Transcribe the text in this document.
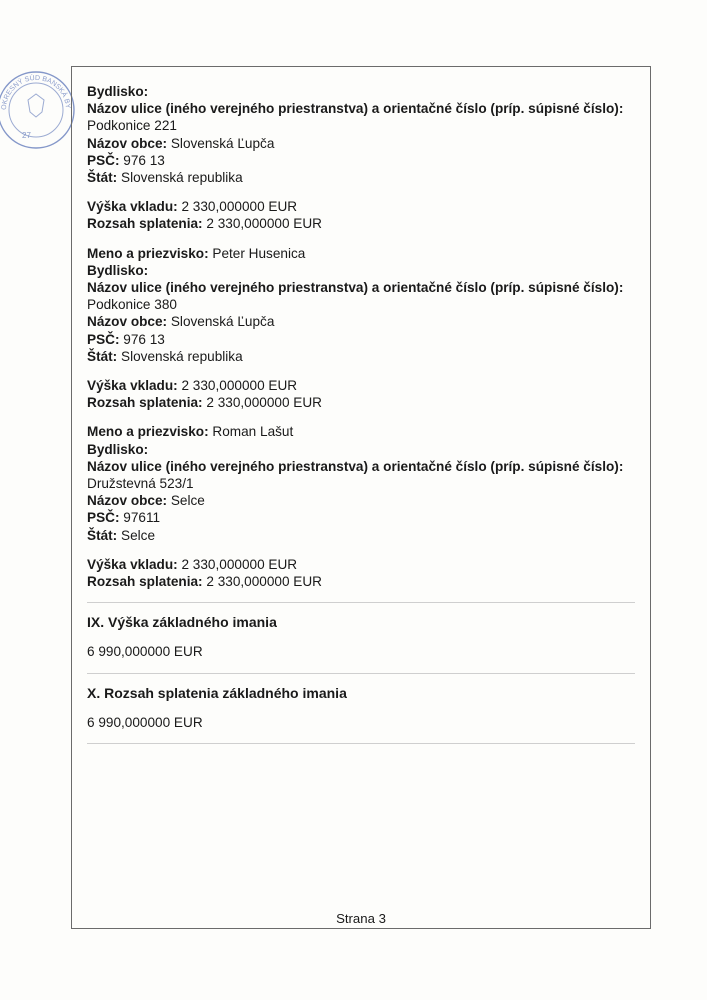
OKRESNÝ SÚD BANSKÁ BY
27
Bydlisko:
Názov ulice (iného verejného priestranstva) a orientačné číslo (príp. súpisné číslo):
Podkonice 221
Názov obce: Slovenská Ľupča
PSČ: 976 13
Štát: Slovenská republika
Výška vkladu: 2 330,000000 EUR
Rozsah splatenia: 2 330,000000 EUR
Meno a priezvisko: Peter Husenica
Bydlisko:
Názov ulice (iného verejného priestranstva) a orientačné číslo (príp. súpisné číslo):
Podkonice 380
Názov obce: Slovenská Ľupča
PSČ: 976 13
Štát: Slovenská republika
Výška vkladu: 2 330,000000 EUR
Rozsah splatenia: 2 330,000000 EUR
Meno a priezvisko: Roman Lašut
Bydlisko:
Názov ulice (iného verejného priestranstva) a orientačné číslo (príp. súpisné číslo):
Družstevná 523/1
Názov obce: Selce
PSČ: 97611
Štát: Selce
Výška vkladu: 2 330,000000 EUR
Rozsah splatenia: 2 330,000000 EUR
IX. Výška základného imania
6 990,000000 EUR
X. Rozsah splatenia základného imania
6 990,000000 EUR
Strana 3
